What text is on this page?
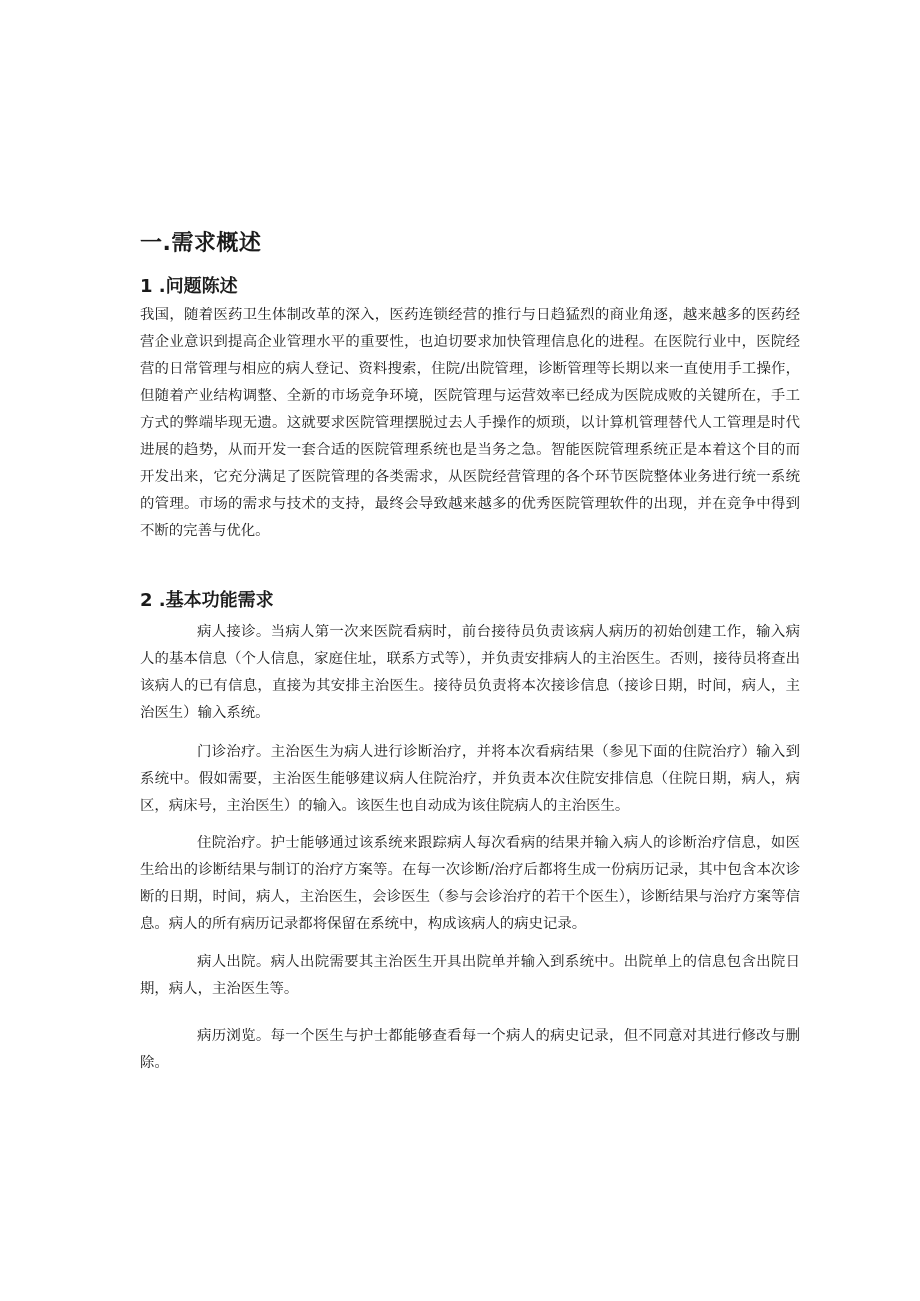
一.需求概述
1 .问题陈述

我国，随着医药卫生体制改革的深入，医药连锁经营的推行与日趋猛烈的商业角逐，越来越多的医药经营企业意识到提高企业管理水平的重要性，也迫切要求加快管理信息化的进程。在医院行业中，医院经营的日常管理与相应的病人登记、资料搜索，住院/出院管理，诊断管理等长期以来一直使用手工操作，但随着产业结构调整、全新的市场竞争环境，医院管理与运营效率已经成为医院成败的关键所在，手工方式的弊端毕现无遗。这就要求医院管理摆脱过去人手操作的烦琐，以计算机管理替代人工管理是时代进展的趋势，从而开发一套合适的医院管理系统也是当务之急。智能医院管理系统正是本着这个目的而开发出来，它充分满足了医院管理的各类需求，从医院经营管理的各个环节医院整体业务进行统一系统的管理。市场的需求与技术的支持，最终会导致越来越多的优秀医院管理软件的出现，并在竞争中得到不断的完善与优化。

2 .基本功能需求

病人接诊。当病人第一次来医院看病时，前台接待员负责该病人病历的初始创建工作，输入病人的基本信息（个人信息，家庭住址，联系方式等），并负责安排病人的主治医生。否则，接待员将查出该病人的已有信息，直接为其安排主治医生。接待员负责将本次接诊信息（接诊日期，时间，病人，主治医生）输入系统。

门诊治疗。主治医生为病人进行诊断治疗，并将本次看病结果（参见下面的住院治疗）输入到系统中。假如需要，主治医生能够建议病人住院治疗，并负责本次住院安排信息（住院日期，病人，病区，病床号，主治医生）的输入。该医生也自动成为该住院病人的主治医生。

住院治疗。护士能够通过该系统来跟踪病人每次看病的结果并输入病人的诊断治疗信息，如医生给出的诊断结果与制订的治疗方案等。在每一次诊断/治疗后都将生成一份病历记录，其中包含本次诊断的日期，时间，病人，主治医生，会诊医生（参与会诊治疗的若干个医生），诊断结果与治疗方案等信息。病人的所有病历记录都将保留在系统中，构成该病人的病史记录。

病人出院。病人出院需要其主治医生开具出院单并输入到系统中。出院单上的信息包含出院日期，病人，主治医生等。

病历浏览。每一个医生与护士都能够查看每一个病人的病史记录，但不同意对其进行修改与删除。
